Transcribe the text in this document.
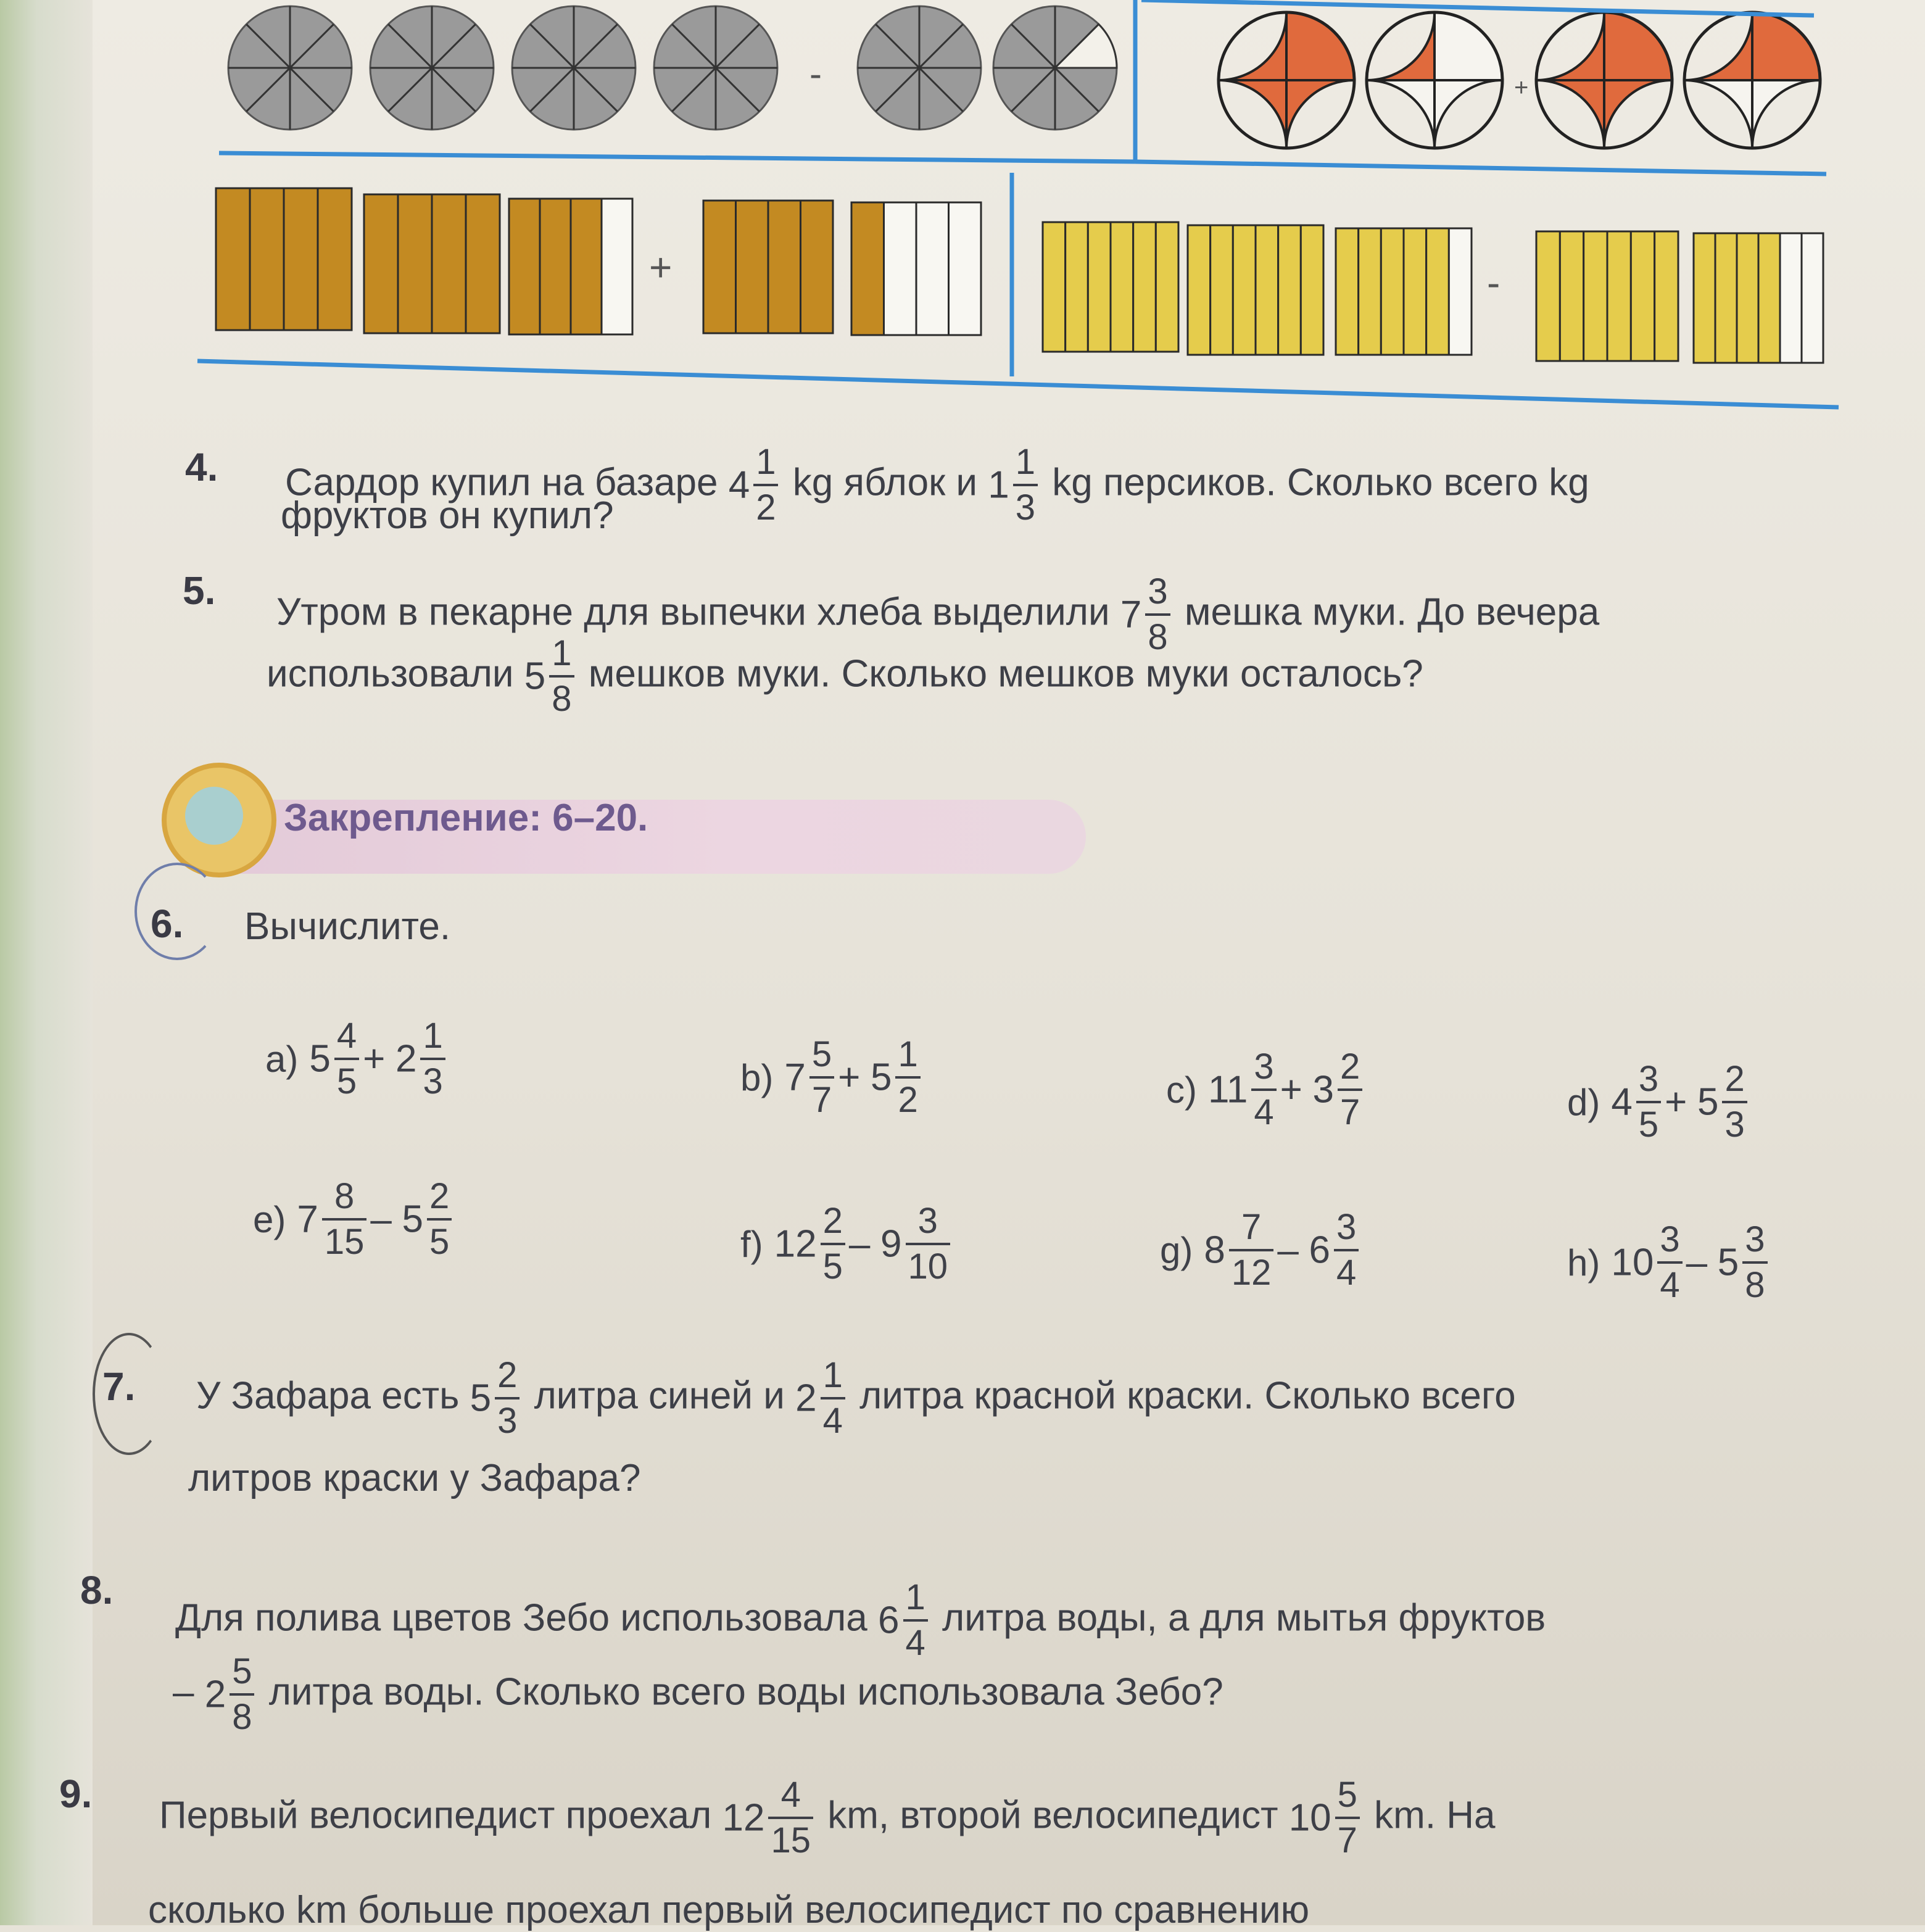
-	+
+	-
4. Сардор купил на базаре $4 \frac{1}{2}$ kg яблок и $1 \frac{1}{3}$ kg персиков. Сколько всего kg
фруктов он купил?
5. Утром в пекарне для выпечки хлеба выделили $7 \frac{3}{8}$ мешка муки. До вечера
использовали $5 \frac{1}{8}$ мешков муки. Сколько мешков муки осталось?
Закрепление: 6–20.
6. Вычислите.
a) $5 \frac{4}{5} + 2 \frac{1}{3}$	b) $7 \frac{5}{7} + 5 \frac{1}{2}$	c) $11 \frac{3}{4} + 3 \frac{2}{7}$	d) $4 \frac{3}{5} + 5 \frac{2}{3}$
e) $7 \frac{8}{15} - 5 \frac{2}{5}$	f) $12 \frac{2}{5} - 9 \frac{3}{10}$	g) $8 \frac{7}{12} - 6 \frac{3}{4}$	h) $10 \frac{3}{4} - 5 \frac{3}{8}$
7. У Зафара есть $5 \frac{2}{3}$ литра синей и $2 \frac{1}{4}$ литра красной краски. Сколько всего
литров краски у Зафара?
8.
Для полива цветов Зебо использовала $6 \frac{1}{4}$ литра воды, а для мытья фруктов
– $2 \frac{5}{8}$ литра воды. Сколько всего воды использовала Зебо?
9. Первый велосипедист проехал $12 \frac{4}{15}$ km, второй велосипедист $10 \frac{5}{7}$ km. На
сколько km больше проехал первый велосипедист по сравнению
